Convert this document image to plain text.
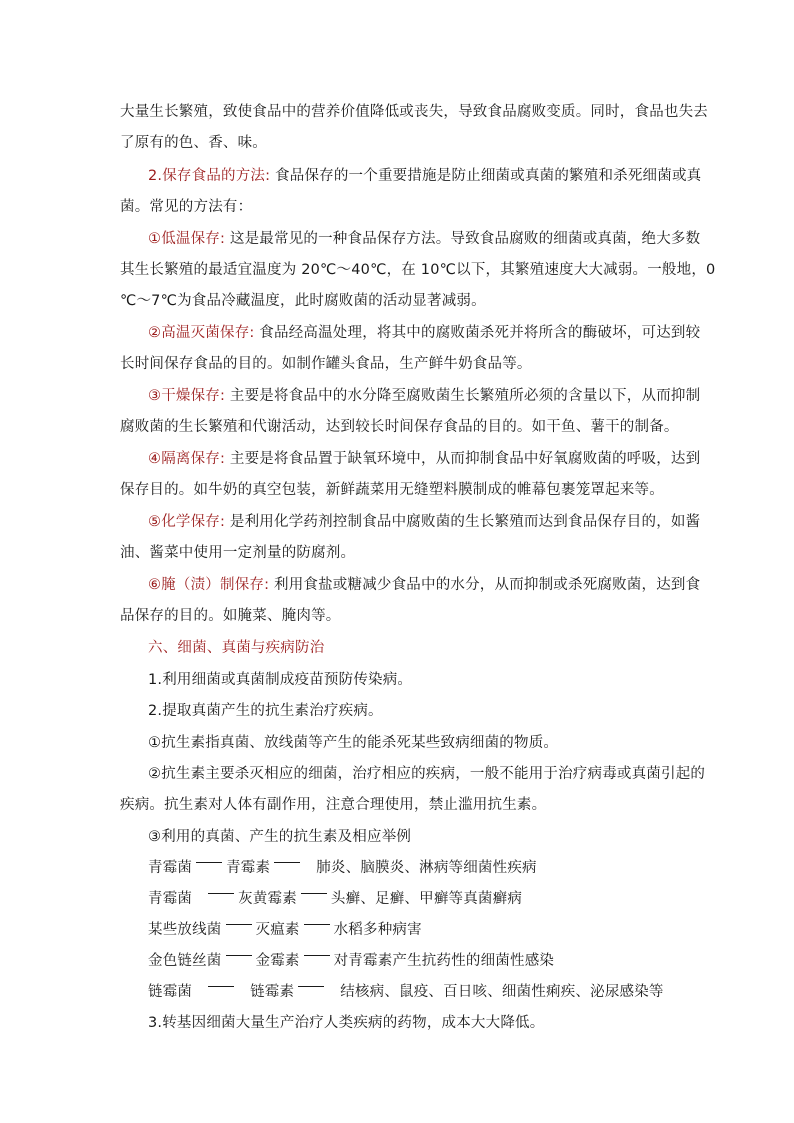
大量生长繁殖，致使食品中的营养价值降低或丧失，导致食品腐败变质。同时，食品也失去
了原有的色、香、味。
2.保存食品的方法: 食品保存的一个重要措施是防止细菌或真菌的繁殖和杀死细菌或真
菌。常见的方法有：
①低温保存: 这是最常见的一种食品保存方法。导致食品腐败的细菌或真菌，绝大多数
其生长繁殖的最适宜温度为 20℃～40℃，在 10℃以下，其繁殖速度大大减弱。一般地，0
℃～7℃为食品冷藏温度，此时腐败菌的活动显著减弱。
②高温灭菌保存: 食品经高温处理，将其中的腐败菌杀死并将所含的酶破坏，可达到较
长时间保存食品的目的。如制作罐头食品，生产鲜牛奶食品等。
③干燥保存: 主要是将食品中的水分降至腐败菌生长繁殖所必须的含量以下，从而抑制
腐败菌的生长繁殖和代谢活动，达到较长时间保存食品的目的。如干鱼、薯干的制备。
④隔离保存: 主要是将食品置于缺氧环境中，从而抑制食品中好氧腐败菌的呼吸，达到
保存目的。如牛奶的真空包装，新鲜蔬菜用无缝塑料膜制成的帷幕包裹笼罩起来等。
⑤化学保存: 是利用化学药剂控制食品中腐败菌的生长繁殖而达到食品保存目的，如酱
油、酱菜中使用一定剂量的防腐剂。
⑥腌（渍）制保存: 利用食盐或糖减少食品中的水分，从而抑制或杀死腐败菌，达到食
品保存的目的。如腌菜、腌肉等。
六、细菌、真菌与疾病防治
1.利用细菌或真菌制成疫苗预防传染病。
2.提取真菌产生的抗生素治疗疾病。
①抗生素指真菌、放线菌等产生的能杀死某些致病细菌的物质。
②抗生素主要杀灭相应的细菌，治疗相应的疾病，一般不能用于治疗病毒或真菌引起的
疾病。抗生素对人体有副作用，注意合理使用，禁止滥用抗生素。
③利用的真菌、产生的抗生素及相应举例
青霉菌 青霉素	肺炎、脑膜炎、淋病等细菌性疾病
青霉菌	灰黄霉素 头癣、足癣、甲癣等真菌癣病
某些放线菌 灭瘟素 水稻多种病害
金色链丝菌 金霉素 对青霉素产生抗药性的细菌性感染
链霉菌	链霉素	结核病、鼠疫、百日咳、细菌性痢疾、泌尿感染等
3.转基因细菌大量生产治疗人类疾病的药物，成本大大降低。
